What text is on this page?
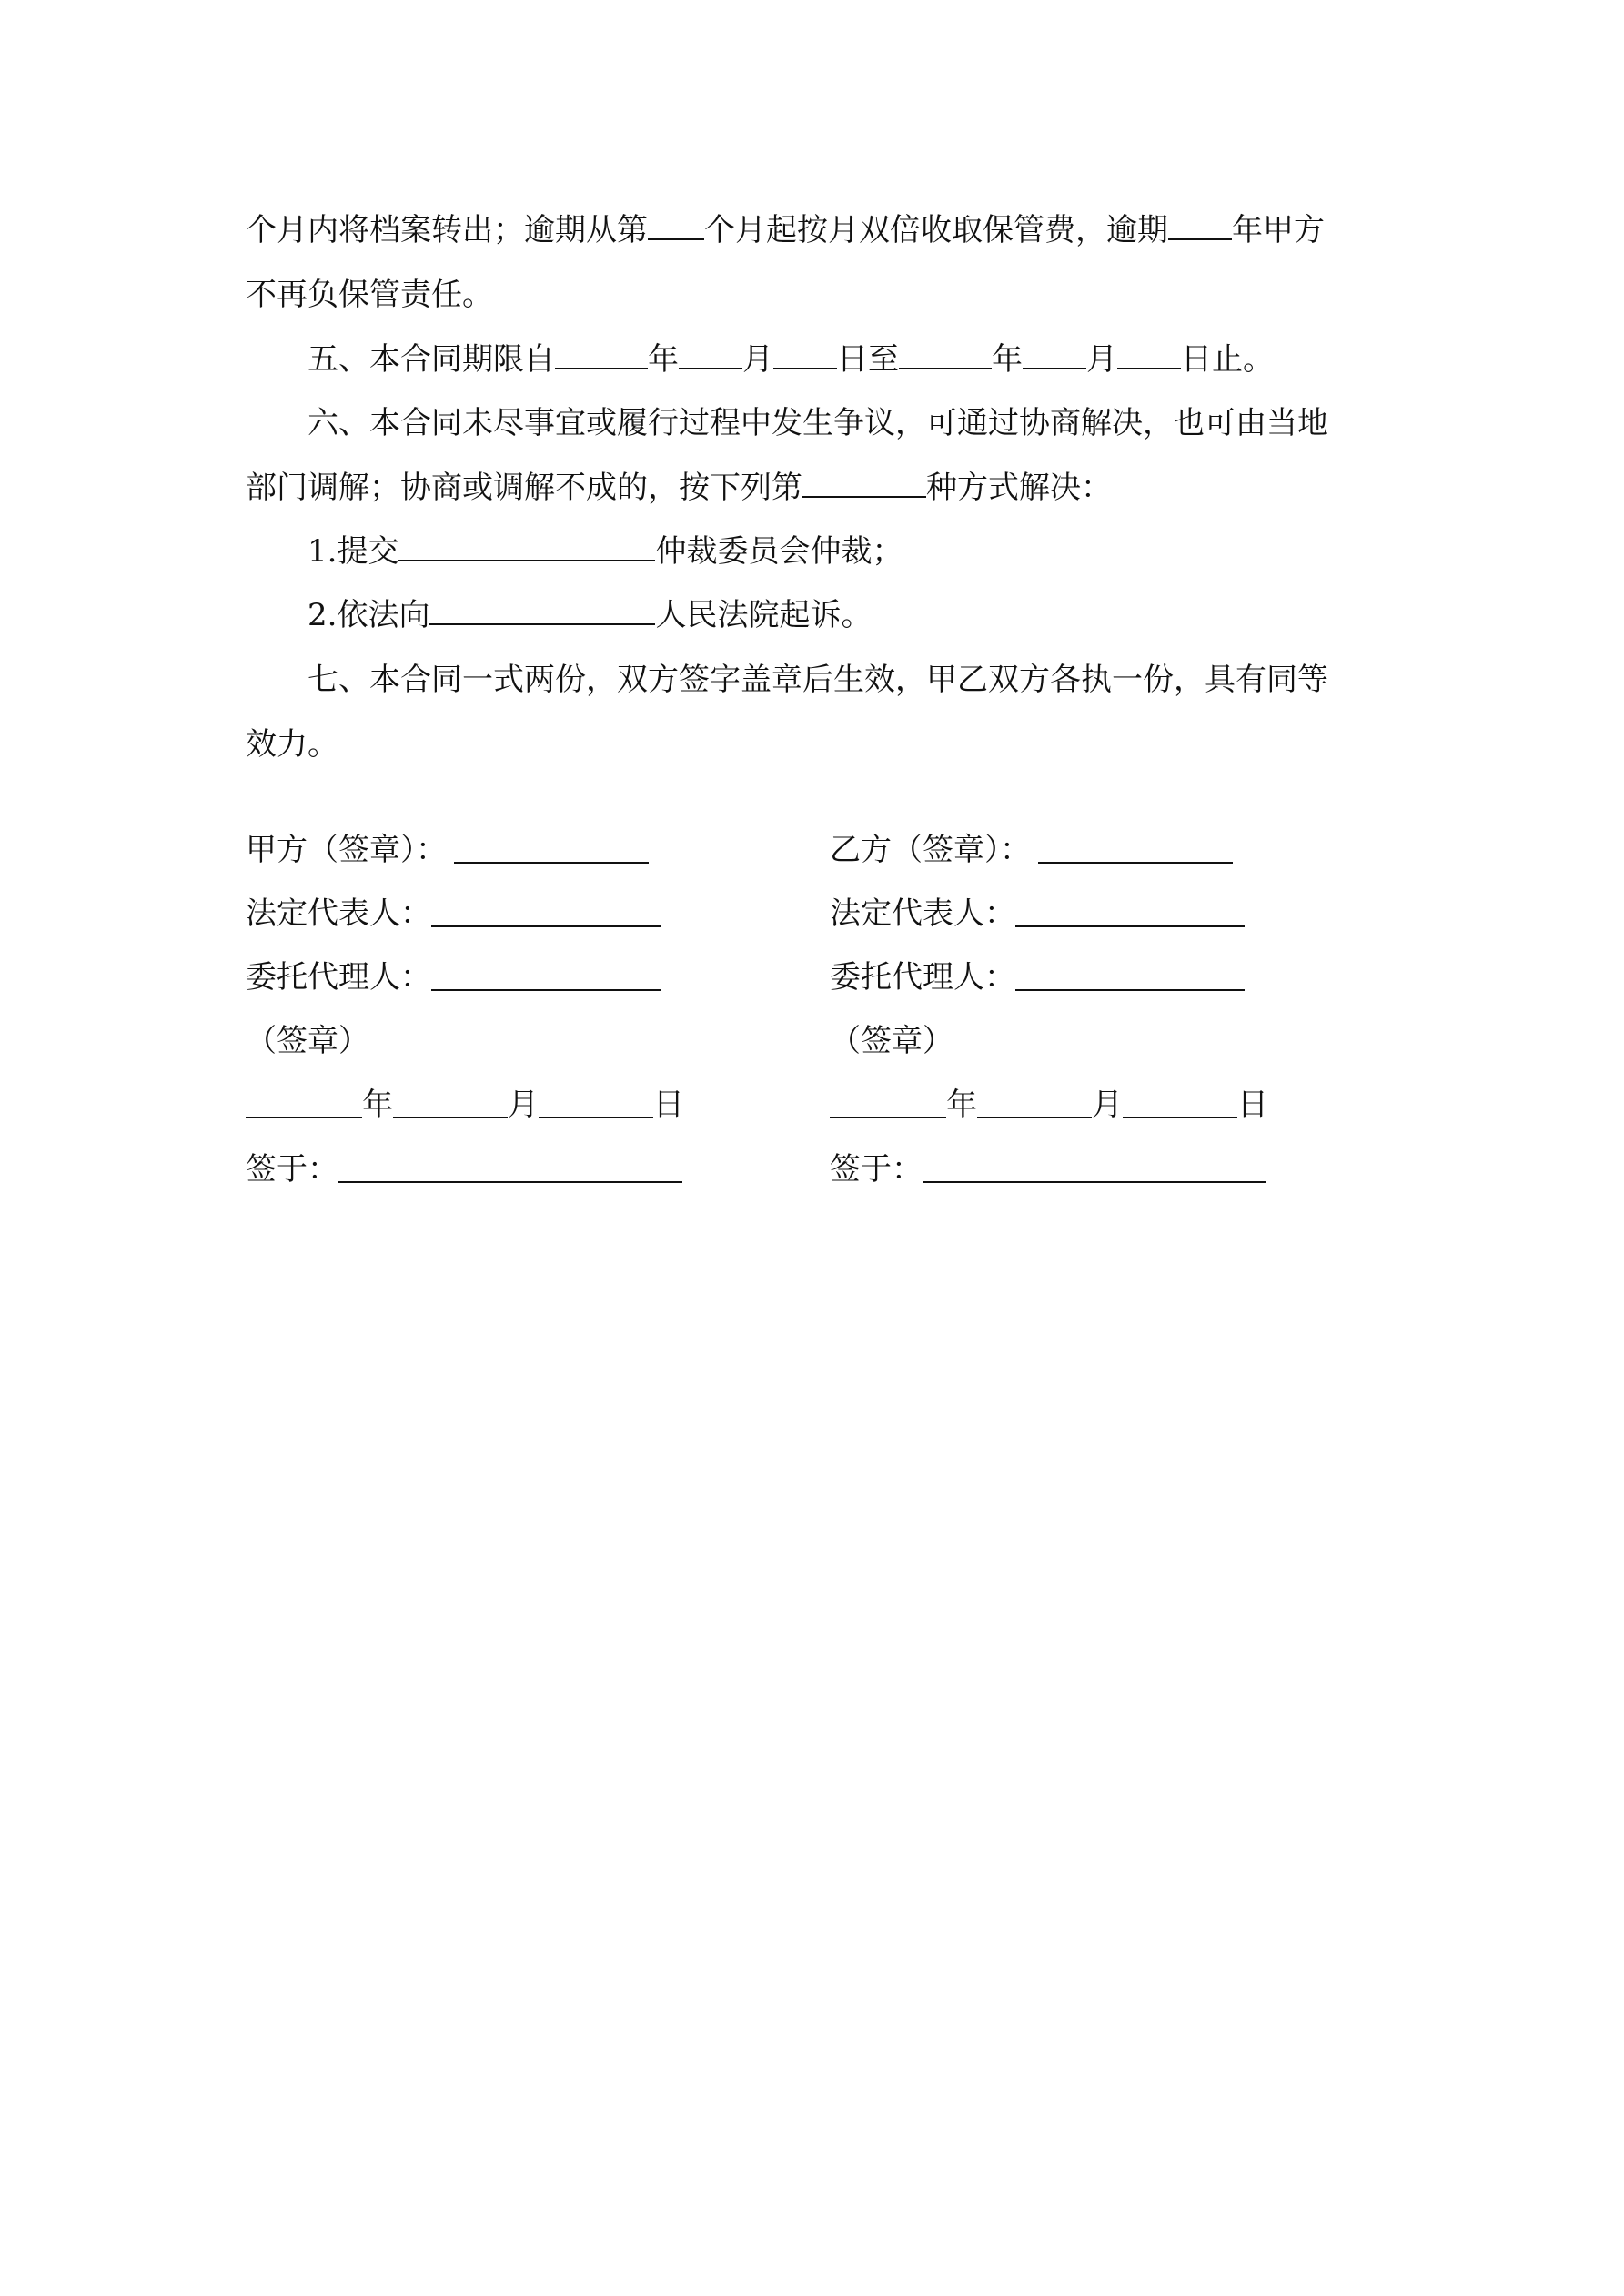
个月内将档案转出；逾期从第 个月起按月双倍收取保管费，逾期 年甲方
不再负保管责任。
五、本合同期限自	年 月 日至	年 月 日止。
六、本合同未尽事宜或履行过程中发生争议，可通过协商解决，也可由当地
部门调解；协商或调解不成的，按下列第	种方式解决：
1.提交	仲裁委员会仲裁；
2.依法向	人民法院起诉。
七、本合同一式两份，双方签字盖章后生效，甲乙双方各执一份，具有同等
效力。
甲方（签章）：
法定代表人：
委托代理人：
（签章）
年	月	日
签于：
乙方（签章）：
法定代表人：
委托代理人：
（签章）
年	月	日
签于：
